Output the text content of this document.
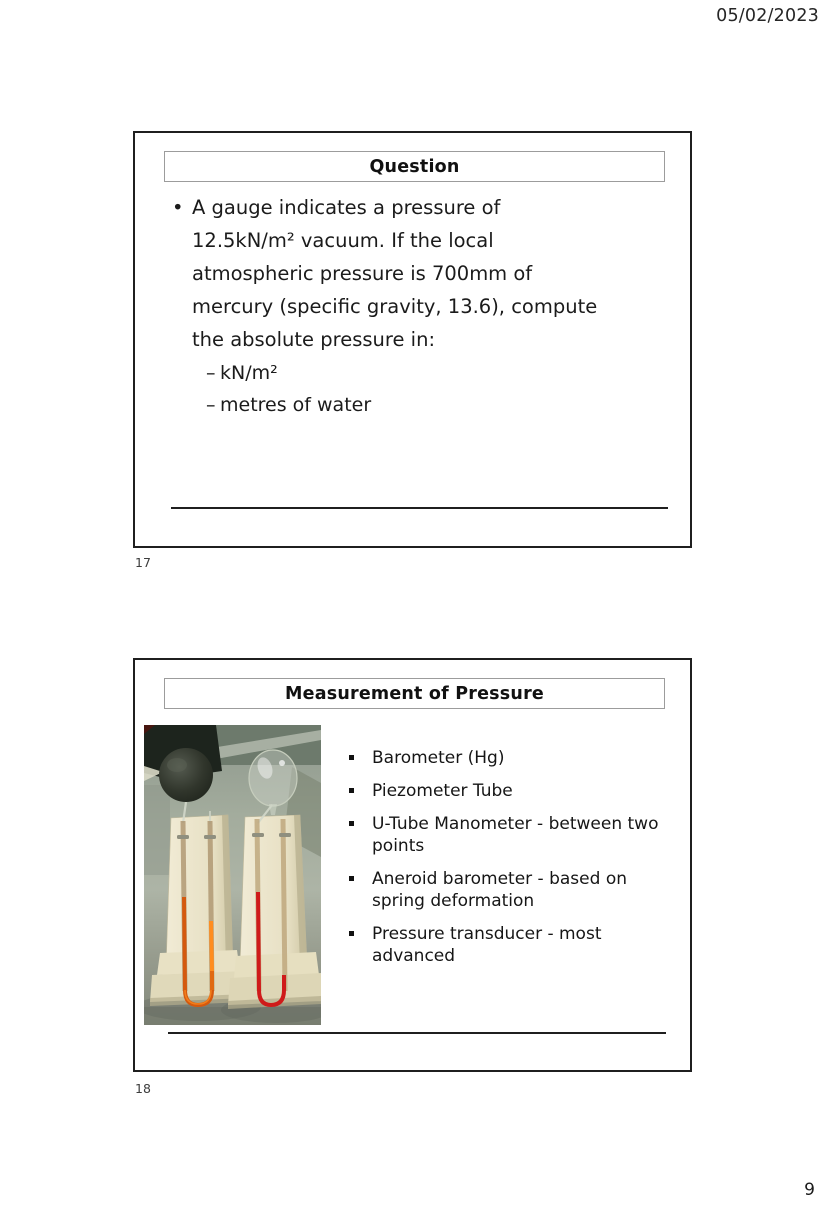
05/02/2023
Question
• A gauge indicates a pressure of
12.5kN/m² vacuum. If the local
atmospheric pressure is 700mm of
mercury (specific gravity, 13.6), compute
the absolute pressure in:
– kN/m²
– metres of water
17
Measurement of Pressure
Barometer (Hg)
Piezometer Tube
U-Tube Manometer - between two
points
Aneroid barometer - based on
spring deformation
Pressure transducer - most
advanced
18
9
